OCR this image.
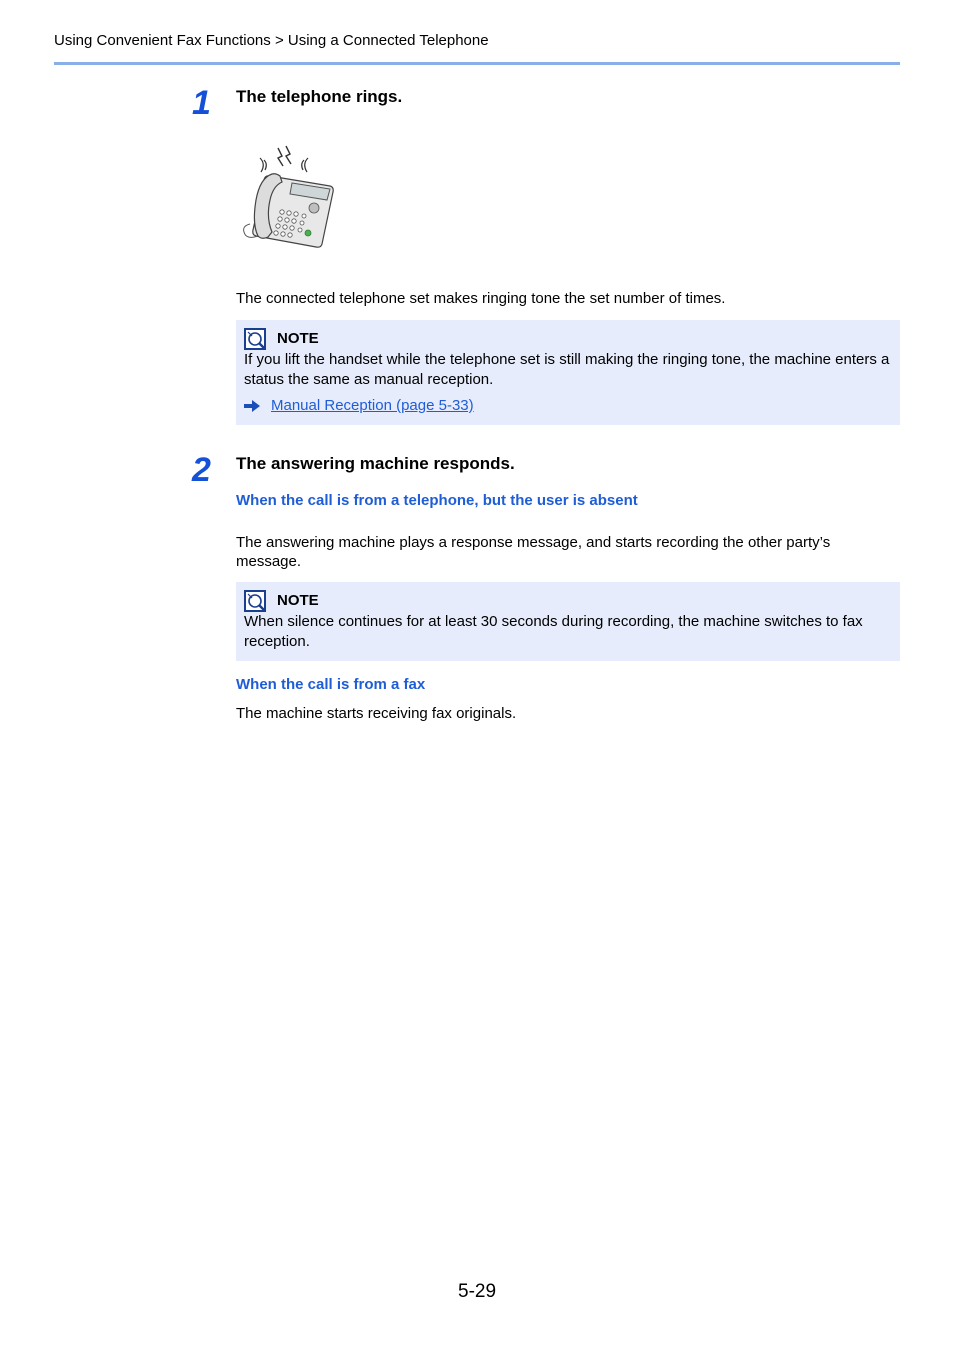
Using Convenient Fax Functions > Using a Connected Telephone
1 The telephone rings.
The connected telephone set makes ringing tone the set number of times.
NOTE
If you lift the handset while the telephone set is still making the ringing tone, the machine enters a status the same as manual reception.
Manual Reception (page 5-33)
2 The answering machine responds.
When the call is from a telephone, but the user is absent
The answering machine plays a response message, and starts recording the other party’s message.
NOTE
When silence continues for at least 30 seconds during recording, the machine switches to fax reception.
When the call is from a fax
The machine starts receiving fax originals.
5-29
